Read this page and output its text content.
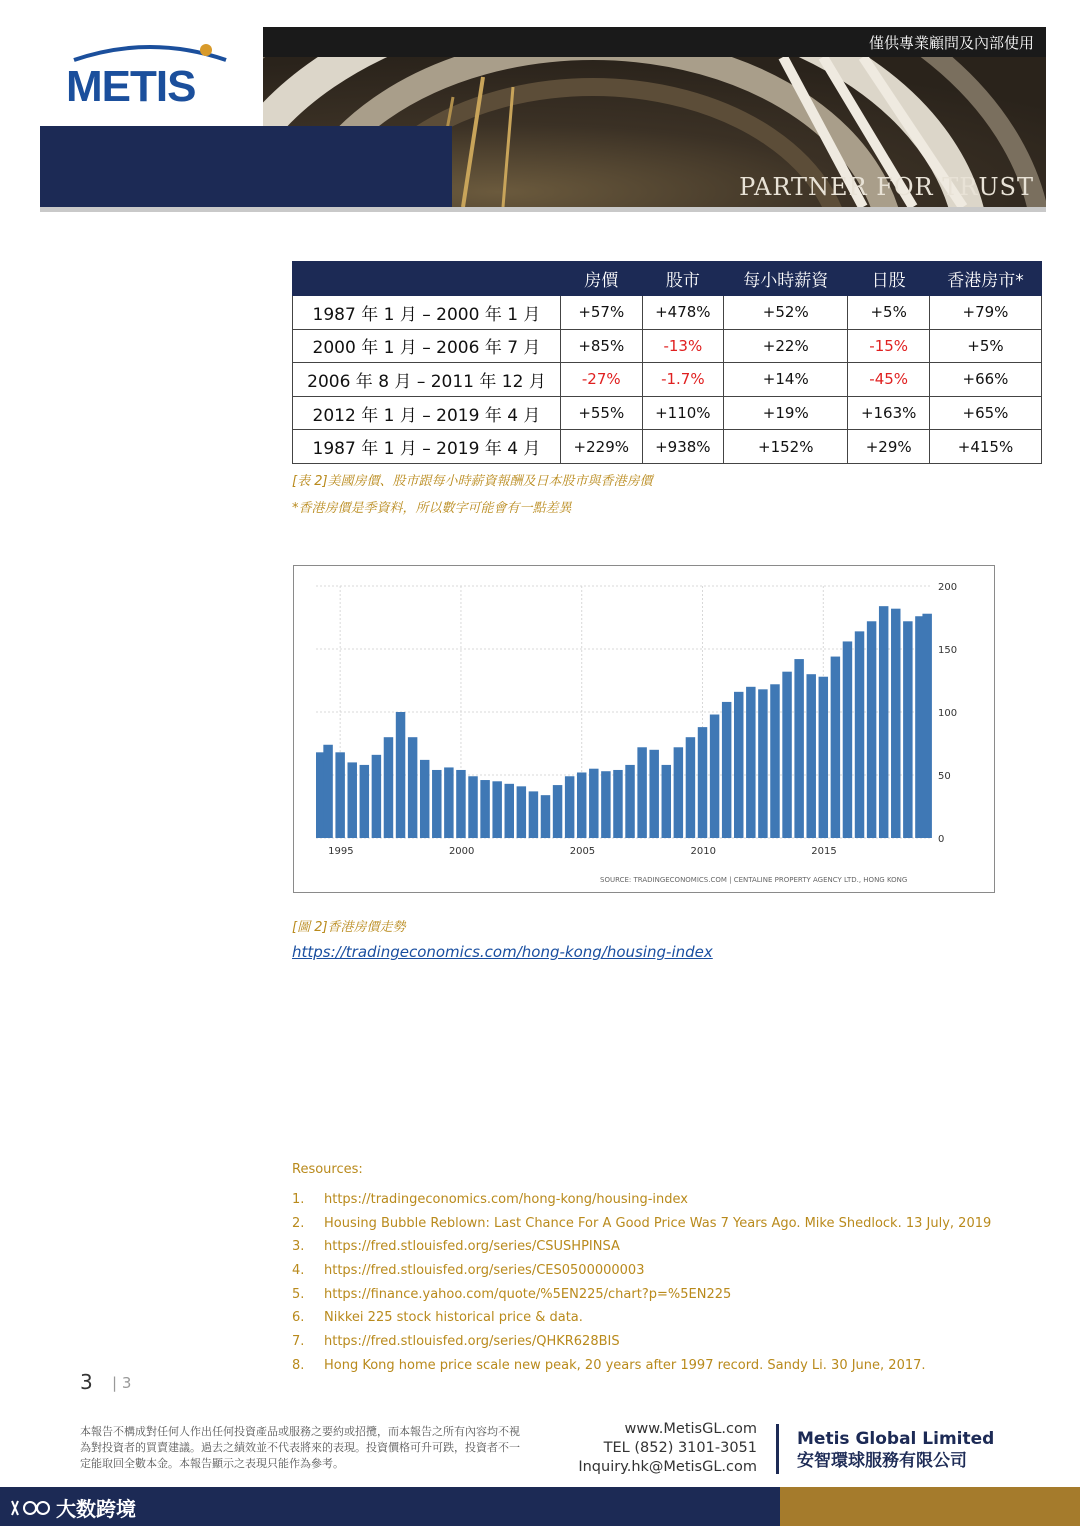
METIS
僅供專業顧問及內部使用
PARTNER FOR TRUST
	房價	股市	每小時薪資	日股	香港房市*
1987 年 1 月 – 2000 年 1 月	+57%	+478%	+52%	+5%	+79%
2000 年 1 月 – 2006 年 7 月	+85%	-13%	+22%	-15%	+5%
2006 年 8 月 – 2011 年 12 月	-27%	-1.7%	+14%	-45%	+66%
2012 年 1 月 – 2019 年 4 月	+55%	+110%	+19%	+163%	+65%
1987 年 1 月 – 2019 年 4 月	+229%	+938%	+152%	+29%	+415%
[表 2]美國房價、股市跟每小時薪資報酬及日本股市與香港房價
*香港房價是季資料，所以數字可能會有一點差異
0
50
100
150
200
1995	2000	2005	2010	2015
SOURCE: TRADINGECONOMICS.COM | CENTALINE PROPERTY AGENCY LTD., HONG KONG
[圖 2]香港房價走勢
https://tradingeconomics.com/hong-kong/housing-index
Resources:
1.	https://tradingeconomics.com/hong-kong/housing-index
2.	Housing Bubble Reblown: Last Chance For A Good Price Was 7 Years Ago. Mike Shedlock. 13 July, 2019
3.	https://fred.stlouisfed.org/series/CSUSHPINSA
4.	https://fred.stlouisfed.org/series/CES0500000003
5.	https://finance.yahoo.com/quote/%5EN225/chart?p=%5EN225
6.	Nikkei 225 stock historical price & data.
7.	https://fred.stlouisfed.org/series/QHKR628BIS
8.	Hong Kong home price scale new peak, 20 years after 1997 record. Sandy Li. 30 June, 2017.
3 | 3
本報告不構成對任何人作出任何投資產品或服務之要約或招攬，而本報告之所有內容均不視為對投資者的買賣建議。過去之績效並不代表將來的表現。投資價格可升可跌，投資者不一定能取回全數本金。本報告顯示之表現只能作為參考。
www.MetisGL.com
TEL (852) 3101-3051
Inquiry.hk@MetisGL.com
Metis Global Limited
安智環球服務有限公司
大数跨境
